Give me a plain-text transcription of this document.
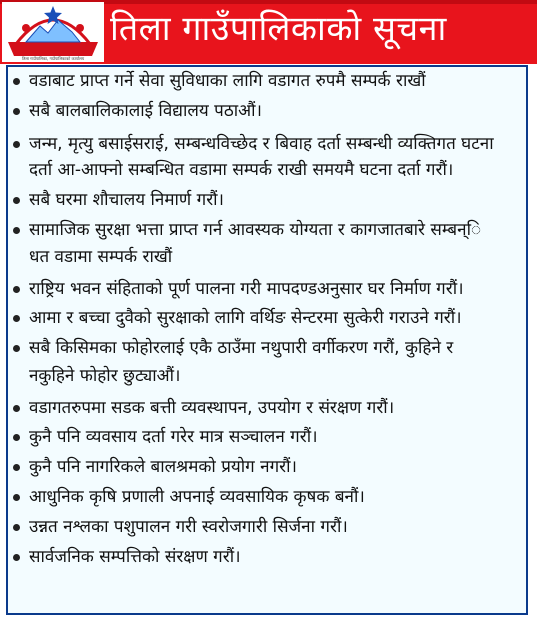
तिला गाउँपालिका, गाउँपालिकाको कार्यालय
तिला गाउँपालिकाको सूचना
वडाबाट प्राप्त गर्ने सेवा सुविधाका लागि वडागत रुपमै सम्पर्क राखौं
सबै बालबालिकालाई विद्यालय पठाऔं।
जन्म, मृत्यु बसाईसराई, सम्बन्धविच्छेद र बिवाह दर्ता सम्बन्धी व्यक्तिगत घटना
दर्ता आ-आफ्नो सम्बन्धित वडामा सम्पर्क राखी समयमै घटना दर्ता गरौं।
सबै घरमा शौचालय निमार्ण गरौं।
सामाजिक सुरक्षा भत्ता प्राप्त गर्न आवस्यक योग्यता र कागजातबारे सम्बन्ि
धत वडामा सम्पर्क राखौं
राष्ट्रिय भवन संहिताको पूर्ण पालना गरी मापदण्डअनुसार घर निर्माण गरौं।
आमा र बच्चा दुवैको सुरक्षाको लागि वर्थिङ सेन्टरमा सुत्केरी गराउने गरौं।
सबै किसिमका फोहोरलाई एकै ठाउँमा नथुपारी वर्गीकरण गरौं, कुहिने र
नकुहिने फोहोर छुट्याऔं।
वडागतरुपमा सडक बत्ती व्यवस्थापन, उपयोग र संरक्षण गरौं।
कुनै पनि व्यवसाय दर्ता गरेर मात्र सञ्चालन गरौं।
कुनै पनि नागरिकले बालश्रमको प्रयोग नगरौं।
आधुनिक कृषि प्रणाली अपनाई व्यवसायिक कृषक बनौं।
उन्नत नश्लका पशुपालन गरी स्वरोजगारी सिर्जना गरौं।
सार्वजनिक सम्पत्तिको संरक्षण गरौं।
